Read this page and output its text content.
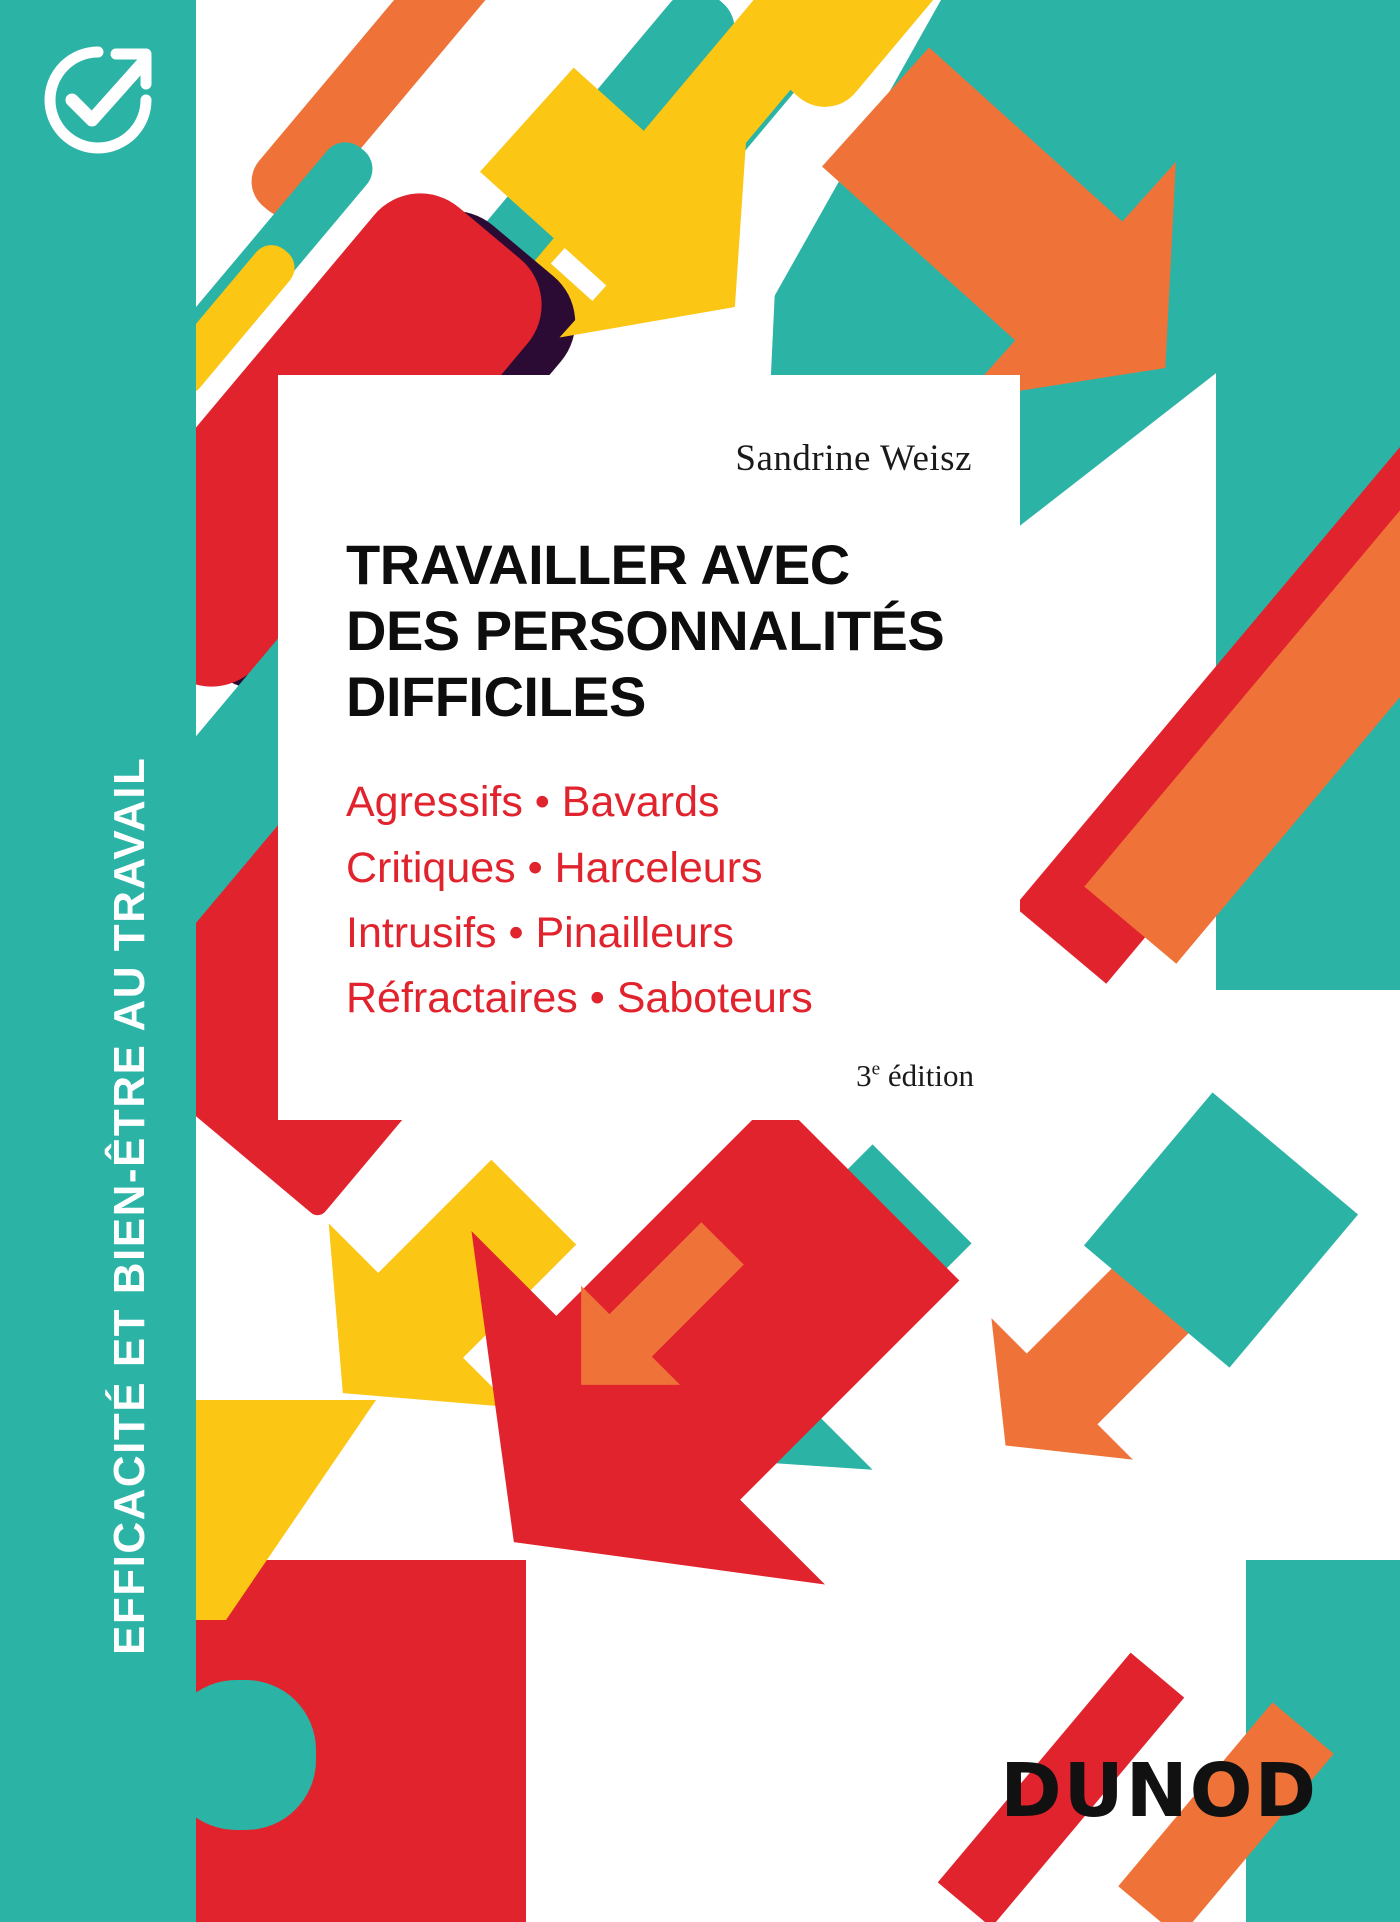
EFFICACITÉ ET BIEN-ÊTRE AU TRAVAIL
Sandrine Weisz
TRAVAILLER AVEC
DES PERSONNALITÉS
DIFFICILES
Agressifs • Bavards
Critiques • Harceleurs
Intrusifs • Pinailleurs
Réfractaires • Saboteurs
3e édition
DUNOD
